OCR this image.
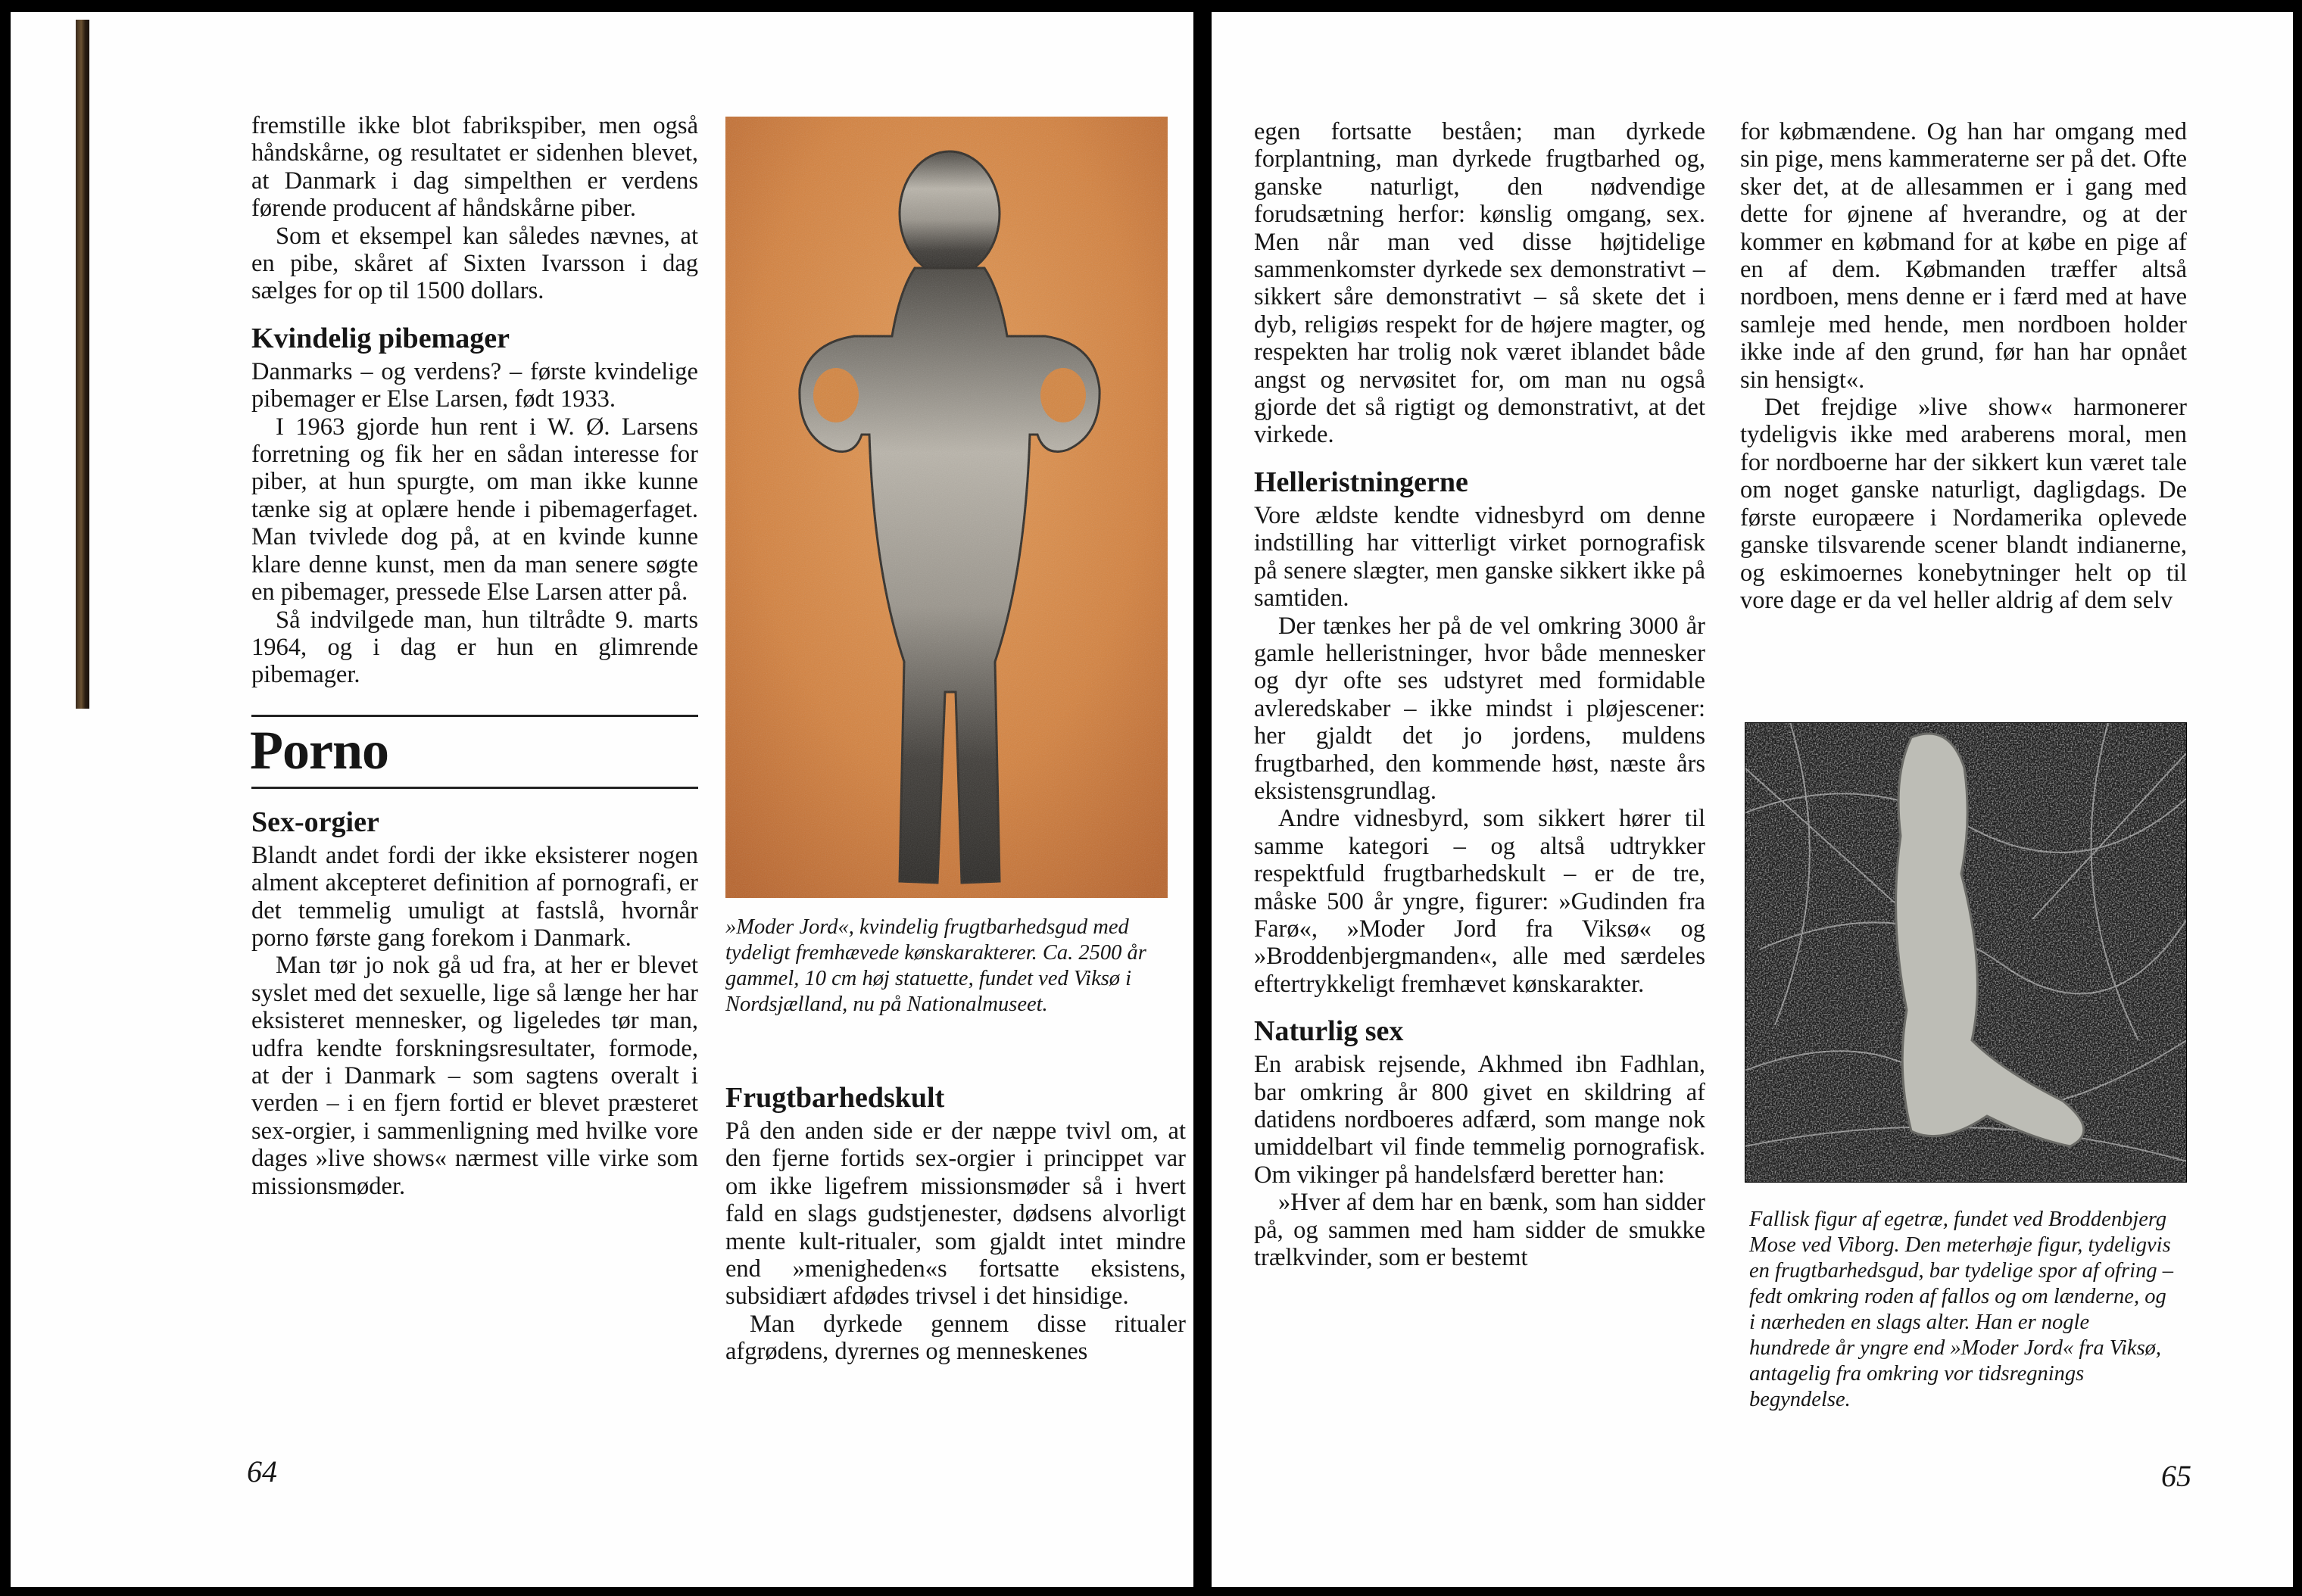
fremstille ikke blot fabrikspiber, men også håndskårne, og resultatet er sidenhen blevet, at Danmark i dag simpelthen er verdens førende producent af håndskårne piber.

Som et eksempel kan således nævnes, at en pibe, skåret af Sixten Ivarsson i dag sælges for op til 1500 dollars.

Kvindelig pibemager

Danmarks – og verdens? – første kvindelige pibemager er Else Larsen, født 1933.

I 1963 gjorde hun rent i W. Ø. Larsens forretning og fik her en sådan interesse for piber, at hun spurgte, om man ikke kunne tænke sig at oplære hende i pibemagerfaget. Man tvivlede dog på, at en kvinde kunne klare denne kunst, men da man senere søgte en pibemager, pressede Else Larsen atter på.

Så indvilgede man, hun tiltrådte 9. marts 1964, og i dag er hun en glimrende pibemager.

Porno
Sex-orgier

Blandt andet fordi der ikke eksisterer nogen alment akcepteret definition af pornografi, er det temmelig umuligt at fastslå, hvornår porno første gang forekom i Danmark.

Man tør jo nok gå ud fra, at her er blevet syslet med det sexuelle, lige så længe her har eksisteret mennesker, og ligeledes tør man, udfra kendte forskningsresultater, formode, at der i Danmark – som sagtens overalt i verden – i en fjern fortid er blevet præsteret sex-orgier, i sammenligning med hvilke vore dages »live shows« nærmest ville virke som missionsmøder.

»Moder Jord«, kvindelig frugtbarhedsgud med tydeligt fremhævede kønskarakterer. Ca. 2500 år gammel, 10 cm høj statuette, fundet ved Viksø i Nordsjælland, nu på Nationalmuseet.
Frugtbarhedskult

På den anden side er der næppe tvivl om, at den fjerne fortids sex-orgier i princippet var om ikke ligefrem missionsmøder så i hvert fald en slags gudstjenester, dødsens alvorligt mente kult-ritualer, som gjaldt intet mindre end »menigheden«s fortsatte eksistens, subsidiært afdødes trivsel i det hinsidige.

Man dyrkede gennem disse ritualer afgrødens, dyrernes og menneskenes

64

egen fortsatte beståen; man dyrkede forplantning, man dyrkede frugtbarhed og, ganske naturligt, den nødvendige forudsætning herfor: kønslig omgang, sex. Men når man ved disse højtidelige sammenkomster dyrkede sex demonstrativt – sikkert såre demonstrativt – så skete det i dyb, religiøs respekt for de højere magter, og respekten har trolig nok været iblandet både angst og nervøsitet for, om man nu også gjorde det så rigtigt og demonstrativt, at det virkede.

Helleristningerne

Vore ældste kendte vidnesbyrd om denne indstilling har vitterligt virket pornografisk på senere slægter, men ganske sikkert ikke på samtiden.

Der tænkes her på de vel omkring 3000 år gamle helleristninger, hvor både mennesker og dyr ofte ses udstyret med formidable avleredskaber – ikke mindst i pløjescener: her gjaldt det jo jordens, muldens frugtbarhed, den kommende høst, næste års eksistensgrundlag.

Andre vidnesbyrd, som sikkert hører til samme kategori – og altså udtrykker respektfuld frugtbarhedskult – er de tre, måske 500 år yngre, figurer: »Gudinden fra Farø«, »Moder Jord fra Viksø« og »Broddenbjergmanden«, alle med særdeles eftertrykkeligt fremhævet kønskarakter.

Naturlig sex

En arabisk rejsende, Akhmed ibn Fadhlan, bar omkring år 800 givet en skildring af datidens nordboeres adfærd, som mange nok umiddelbart vil finde temmelig pornografisk. Om vikinger på handelsfærd beretter han:

»Hver af dem har en bænk, som han sidder på, og sammen med ham sidder de smukke trælkvinder, som er bestemt

for købmændene. Og han har omgang med sin pige, mens kammeraterne ser på det. Ofte sker det, at de allesammen er i gang med dette for øjnene af hverandre, og at der kommer en købmand for at købe en pige af en af dem. Købmanden træffer altså nordboen, mens denne er i færd med at have samleje med hende, men nordboen holder ikke inde af den grund, før han har opnået sin hensigt«.

Det frejdige »live show« harmonerer tydeligvis ikke med araberens moral, men for nordboerne har der sikkert kun været tale om noget ganske naturligt, dagligdags. De første europæere i Nordamerika oplevede ganske tilsvarende scener blandt indianerne, og eskimoernes konebytninger helt op til vore dage er da vel heller aldrig af dem selv

Fallisk figur af egetræ, fundet ved Broddenbjerg Mose ved Viborg. Den meterhøje figur, tydeligvis en frugtbarhedsgud, bar tydelige spor af ofring – fedt omkring roden af fallos og om lænderne, og i nærheden en slags alter. Han er nogle hundrede år yngre end »Moder Jord« fra Viksø, antagelig fra omkring vor tidsregnings begyndelse.
65
